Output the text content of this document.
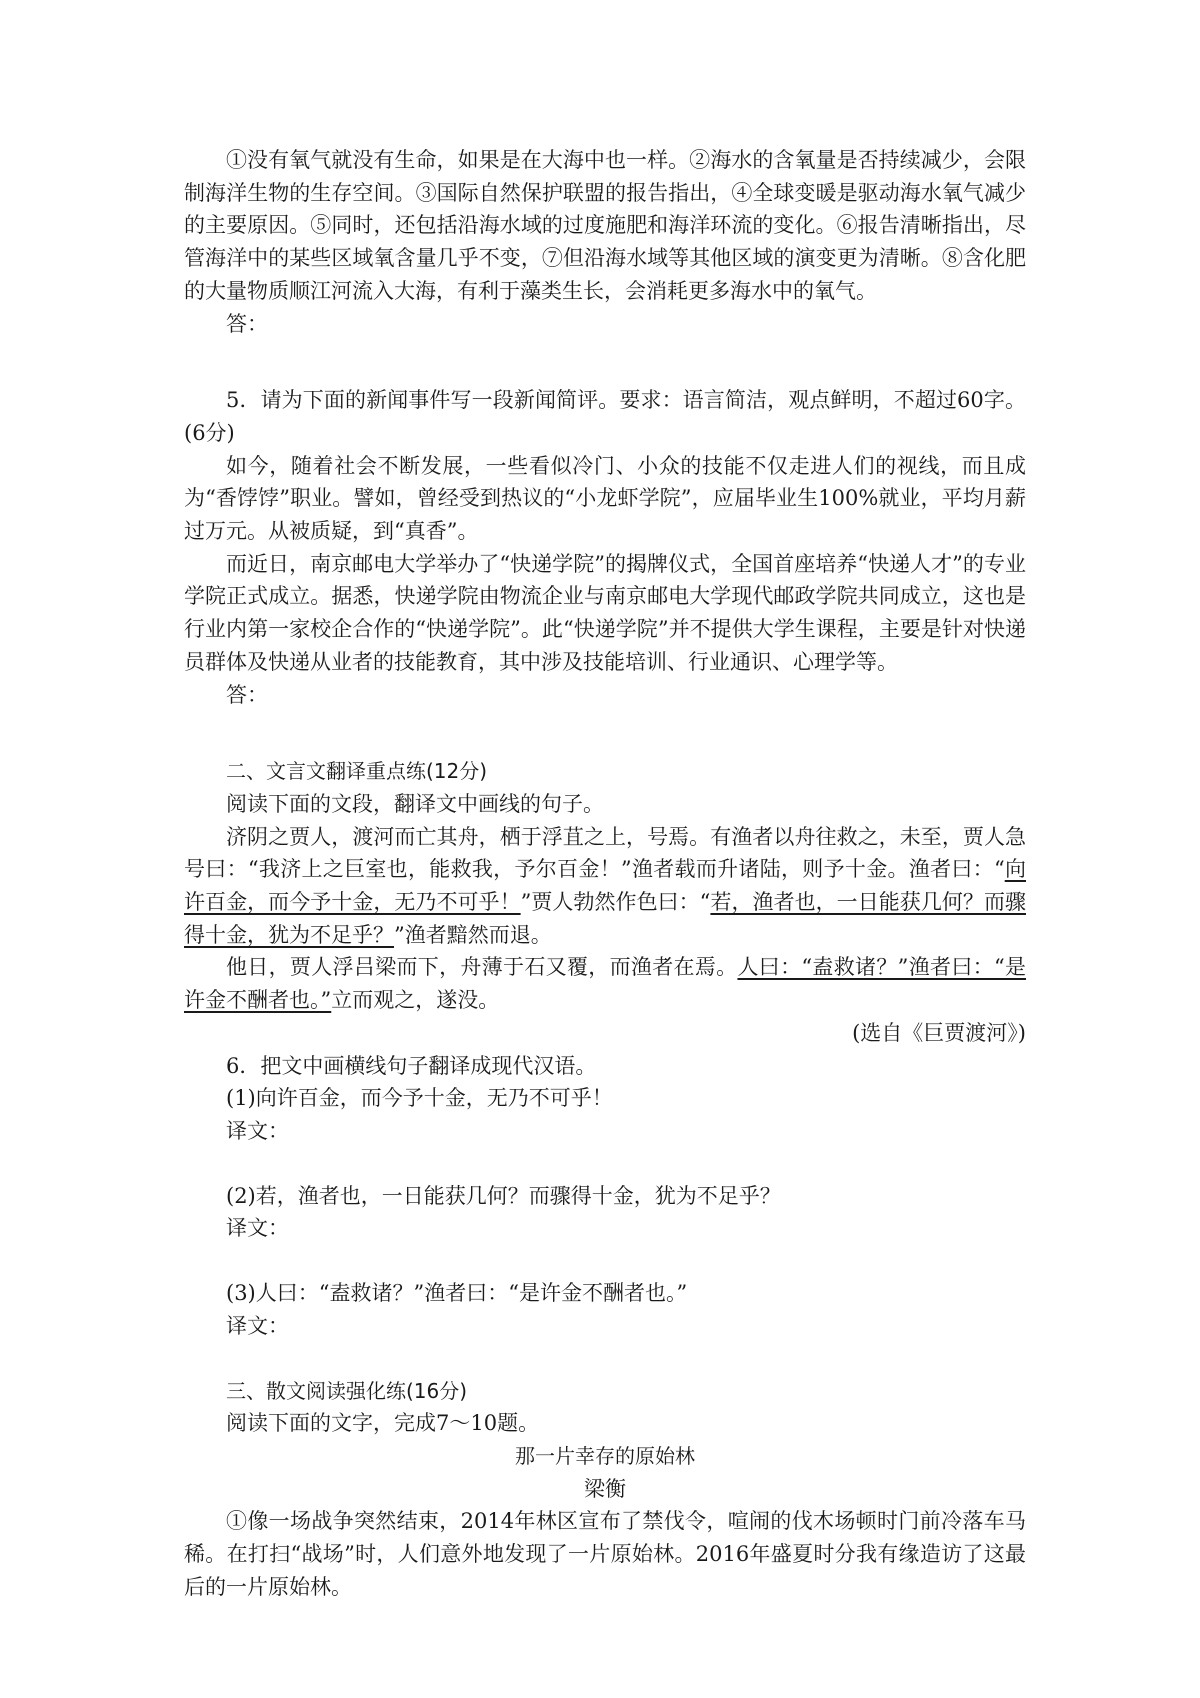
①没有氧气就没有生命，如果是在大海中也一样。②海水的含氧量是否持续减少，会限制海洋生物的生存空间。③国际自然保护联盟的报告指出，④全球变暖是驱动海水氧气减少的主要原因。⑤同时，还包括沿海水域的过度施肥和海洋环流的变化。⑥报告清晰指出，尽管海洋中的某些区域氧含量几乎不变，⑦但沿海水域等其他区域的演变更为清晰。⑧含化肥的大量物质顺江河流入大海，有利于藻类生长，会消耗更多海水中的氧气。

答：

5．请为下面的新闻事件写一段新闻简评。要求：语言简洁，观点鲜明，不超过60字。(6分)

如今，随着社会不断发展，一些看似冷门、小众的技能不仅走进人们的视线，而且成为“香饽饽”职业。譬如，曾经受到热议的“小龙虾学院”，应届毕业生100%就业，平均月薪过万元。从被质疑，到“真香”。

而近日，南京邮电大学举办了“快递学院”的揭牌仪式，全国首座培养“快递人才”的专业学院正式成立。据悉，快递学院由物流企业与南京邮电大学现代邮政学院共同成立，这也是行业内第一家校企合作的“快递学院”。此“快递学院”并不提供大学生课程，主要是针对快递员群体及快递从业者的技能教育，其中涉及技能培训、行业通识、心理学等。

答：

二、文言文翻译重点练(12分)

阅读下面的文段，翻译文中画线的句子。

济阴之贾人，渡河而亡其舟，栖于浮苴之上，号焉。有渔者以舟往救之，未至，贾人急号曰：“我济上之巨室也，能救我，予尔百金！”渔者载而升诸陆，则予十金。渔者曰：“向许百金，而今予十金，无乃不可乎！”贾人勃然作色曰：“若，渔者也，一日能获几何？而骤得十金，犹为不足乎？”渔者黯然而退。

他日，贾人浮吕梁而下，舟薄于石又覆，而渔者在焉。人曰：“盍救诸？”渔者曰：“是许金不酬者也。”立而观之，遂没。

(选自《巨贾渡河》)

6．把文中画横线句子翻译成现代汉语。

(1)向许百金，而今予十金，无乃不可乎！

译文：

(2)若，渔者也，一日能获几何？而骤得十金，犹为不足乎？

译文：

(3)人曰：“盍救诸？”渔者曰：“是许金不酬者也。”

译文：

三、散文阅读强化练(16分)

阅读下面的文字，完成7～10题。

那一片幸存的原始林

梁衡

①像一场战争突然结束，2014年林区宣布了禁伐令，喧闹的伐木场顿时门前冷落车马稀。在打扫“战场”时，人们意外地发现了一片原始林。2016年盛夏时分我有缘造访了这最后的一片原始林。
